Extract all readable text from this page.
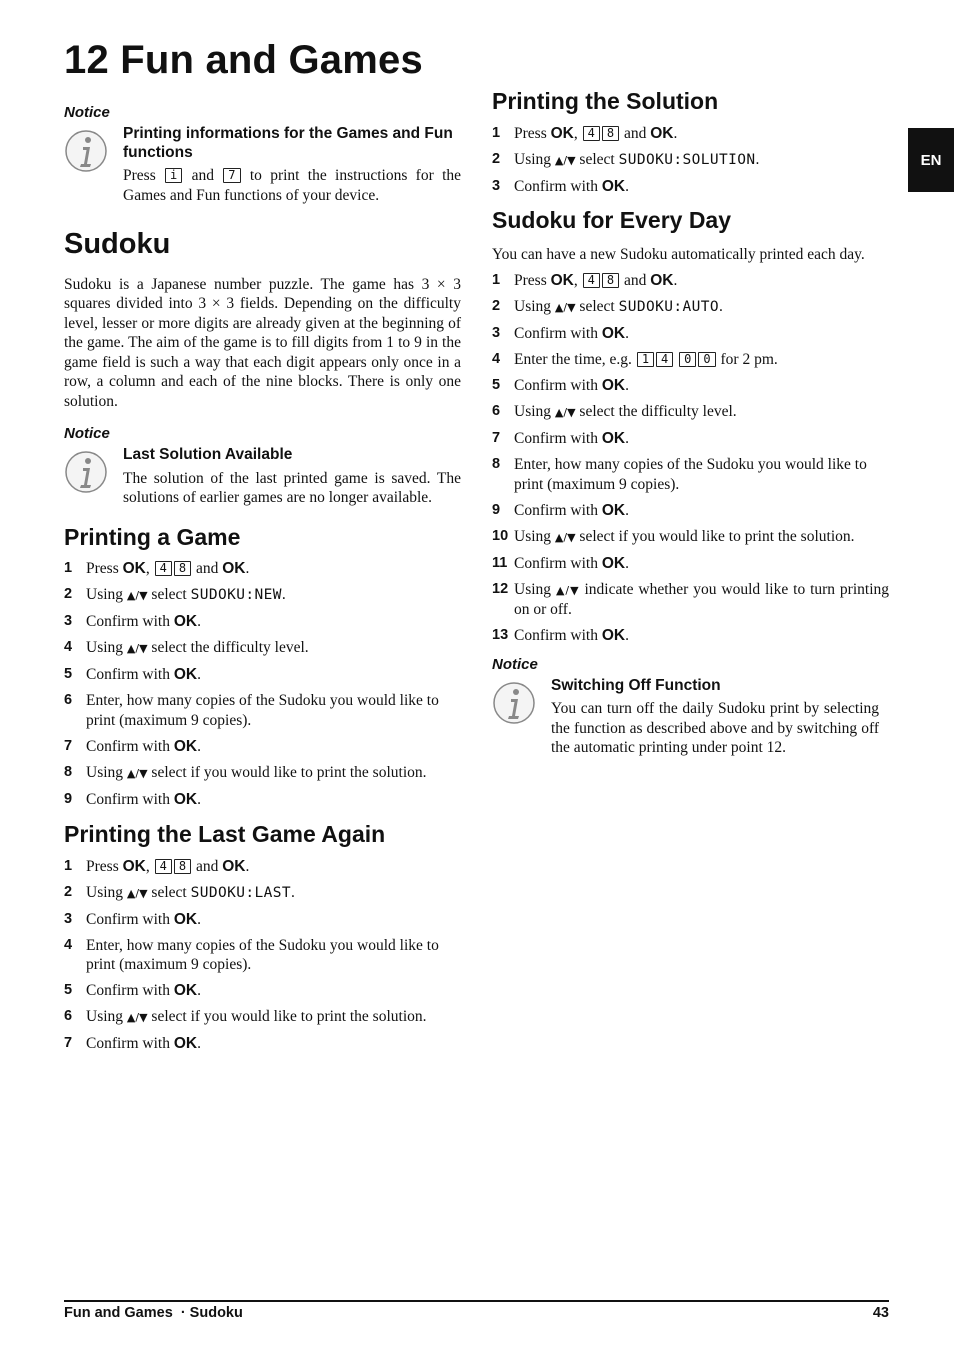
12 Fun and Games
EN
Notice
Printing informations for the Games and Fun functions
Press i and 7 to print the instructions for the Games and Fun functions of your device.
Sudoku

Sudoku is a Japanese number puzzle. The game has 3 × 3 squares divided into 3 × 3 fields. Depending on the difficulty level, lesser or more digits are already given at the beginning of the game. The aim of the game is to fill digits from 1 to 9 in the game field is such a way that each digit appears only once in a row, a column and each of the nine blocks. There is only one solution.

Notice
Last Solution Available
The solution of the last printed game is saved. The solutions of earlier games are no longer available.
Printing a Game
1 Press OK, 4 8 and OK.
2 Using ▲/▼ select SUDOKU:NEW.
3 Confirm with OK.
4 Using ▲/▼ select the difficulty level.
5 Confirm with OK.
6 Enter, how many copies of the Sudoku you would like to print (maximum 9 copies).
7 Confirm with OK.
8 Using ▲/▼ select if you would like to print the solution.
9 Confirm with OK.
Printing the Last Game Again
1 Press OK, 4 8 and OK.
2 Using ▲/▼ select SUDOKU:LAST.
3 Confirm with OK.
4 Enter, how many copies of the Sudoku you would like to print (maximum 9 copies).
5 Confirm with OK.
6 Using ▲/▼ select if you would like to print the solution.
7 Confirm with OK.
Printing the Solution
1 Press OK, 4 8 and OK.
2 Using ▲/▼ select SUDOKU:SOLUTION.
3 Confirm with OK.
Sudoku for Every Day

You can have a new Sudoku automatically printed each day.

1 Press OK, 4 8 and OK.
2 Using ▲/▼ select SUDOKU:AUTO.
3 Confirm with OK.
4 Enter the time, e.g. 1 4 0 0 for 2 pm.
5 Confirm with OK.
6 Using ▲/▼ select the difficulty level.
7 Confirm with OK.
8 Enter, how many copies of the Sudoku you would like to print (maximum 9 copies).
9 Confirm with OK.
10 Using ▲/▼ select if you would like to print the solution.
11 Confirm with OK.
12 Using ▲/▼ indicate whether you would like to turn printing on or off.
13 Confirm with OK.
Notice
Switching Off Function
You can turn off the daily Sudoku print by selecting the function as described above and by switching off the automatic printing under point 12.
Fun and Games  · Sudoku	43
